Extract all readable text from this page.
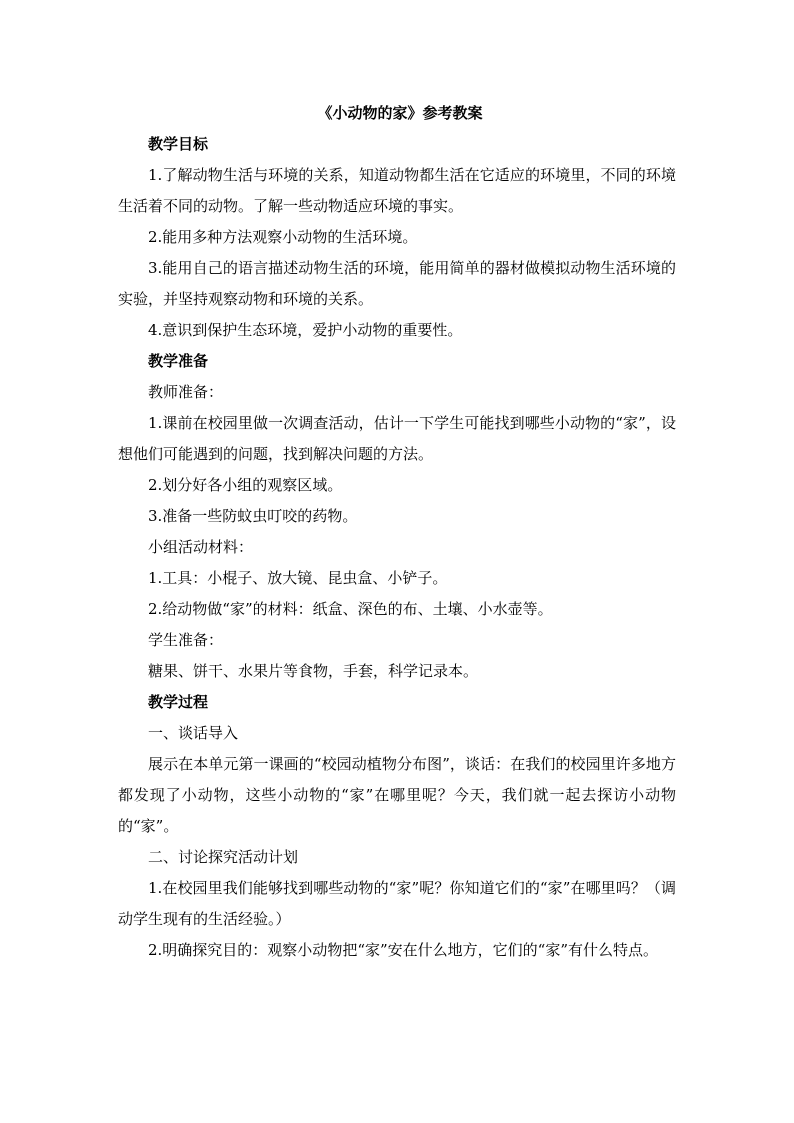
《小动物的家》参考教案

教学目标

1.了解动物生活与环境的关系，知道动物都生活在它适应的环境里，不同的环境生活着不同的动物。了解一些动物适应环境的事实。

2.能用多种方法观察小动物的生活环境。

3.能用自己的语言描述动物生活的环境，能用简单的器材做模拟动物生活环境的实验，并坚持观察动物和环境的关系。

4.意识到保护生态环境，爱护小动物的重要性。

教学准备

教师准备：

1.课前在校园里做一次调查活动，估计一下学生可能找到哪些小动物的“家”，设想他们可能遇到的问题，找到解决问题的方法。

2.划分好各小组的观察区域。

3.准备一些防蚊虫叮咬的药物。

小组活动材料：

1.工具：小棍子、放大镜、昆虫盒、小铲子。

2.给动物做“家”的材料：纸盒、深色的布、土壤、小水壶等。

学生准备：

糖果、饼干、水果片等食物，手套，科学记录本。

教学过程

一、谈话导入

展示在本单元第一课画的“校园动植物分布图”，谈话：在我们的校园里许多地方都发现了小动物，这些小动物的“家”在哪里呢？今天，我们就一起去探访小动物的“家”。

二、讨论探究活动计划

1.在校园里我们能够找到哪些动物的“家”呢？你知道它们的“家”在哪里吗？（调动学生现有的生活经验。）

2.明确探究目的：观察小动物把“家”安在什么地方，它们的“家”有什么特点。
